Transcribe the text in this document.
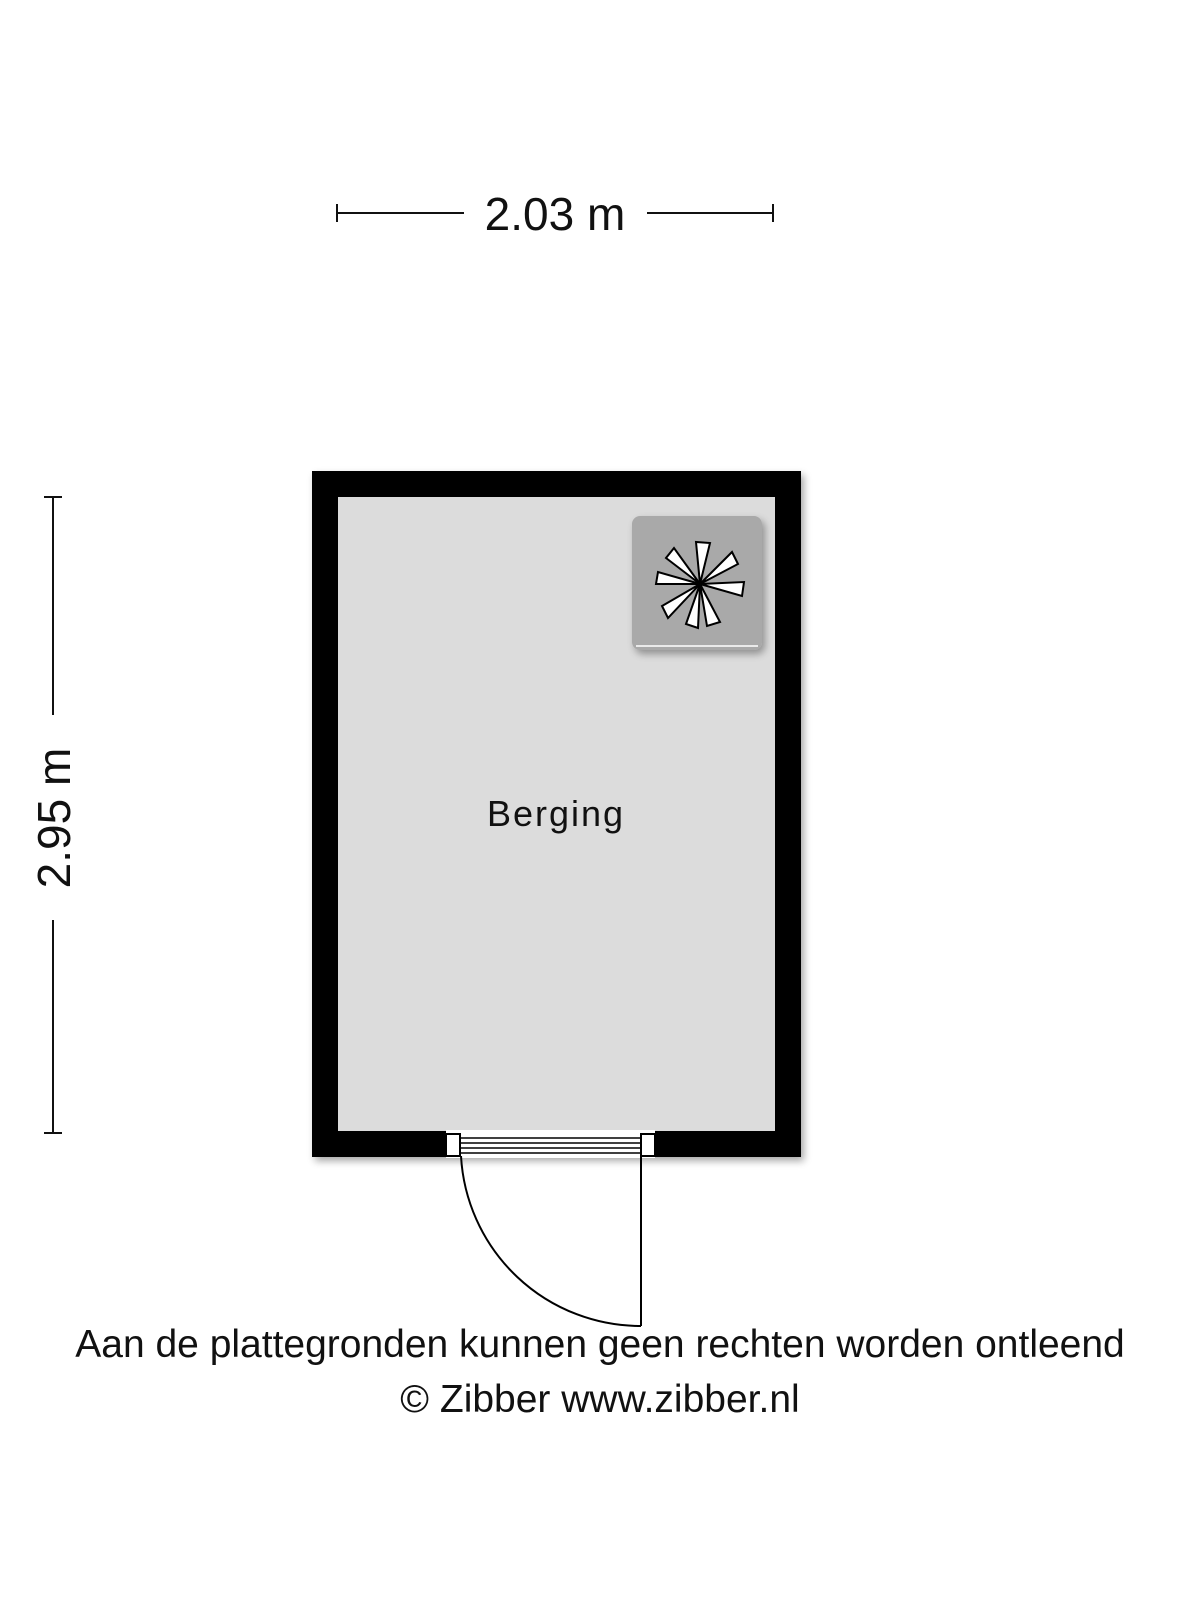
2.03 m
2.95 m	Berging
Aan de plattegronden kunnen geen rechten worden ontleend
© Zibber www.zibber.nl
